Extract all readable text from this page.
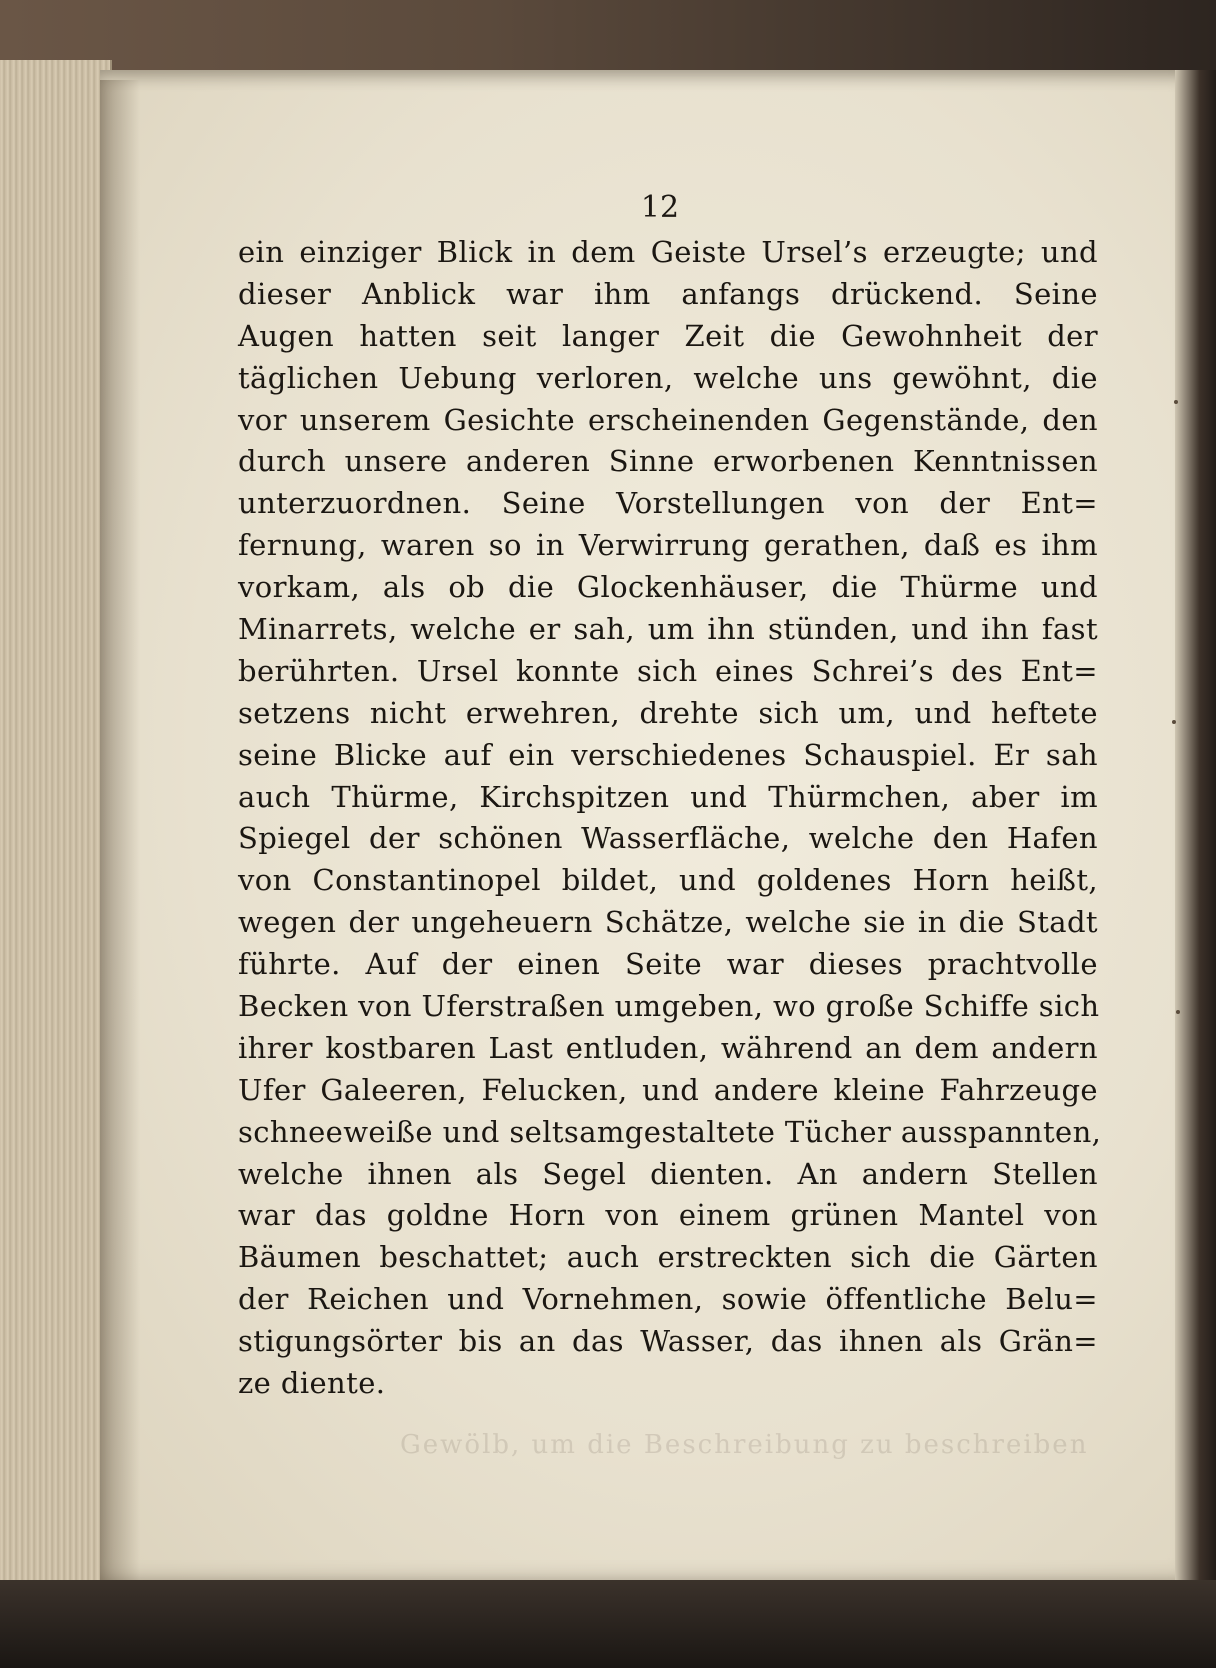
Gewölb, um die Beschreibung zu beschreiben
12
ein einziger Blick in dem Geiste Ursel’s erzeugte; und
dieser Anblick war ihm anfangs drückend. Seine
Augen hatten seit langer Zeit die Gewohnheit der
täglichen Uebung verloren, welche uns gewöhnt, die
vor unserem Gesichte erscheinenden Gegenstände, den
durch unsere anderen Sinne erworbenen Kenntnissen
unterzuordnen. Seine Vorstellungen von der Ent=
fernung, waren so in Verwirrung gerathen, daß es ihm
vorkam, als ob die Glockenhäuser, die Thürme und
Minarrets, welche er sah, um ihn stünden, und ihn fast
berührten. Ursel konnte sich eines Schrei’s des Ent=
setzens nicht erwehren, drehte sich um, und heftete
seine Blicke auf ein verschiedenes Schauspiel. Er sah
auch Thürme, Kirchspitzen und Thürmchen, aber im
Spiegel der schönen Wasserfläche, welche den Hafen
von Constantinopel bildet, und goldenes Horn heißt,
wegen der ungeheuern Schätze, welche sie in die Stadt
führte. Auf der einen Seite war dieses prachtvolle
Becken von Uferstraßen umgeben, wo große Schiffe sich
ihrer kostbaren Last entluden, während an dem andern
Ufer Galeeren, Felucken, und andere kleine Fahrzeuge
schneeweiße und seltsamgestaltete Tücher ausspannten,
welche ihnen als Segel dienten. An andern Stellen
war das goldne Horn von einem grünen Mantel von
Bäumen beschattet; auch erstreckten sich die Gärten
der Reichen und Vornehmen, sowie öffentliche Belu=
stigungsörter bis an das Wasser, das ihnen als Grän=
ze diente.
